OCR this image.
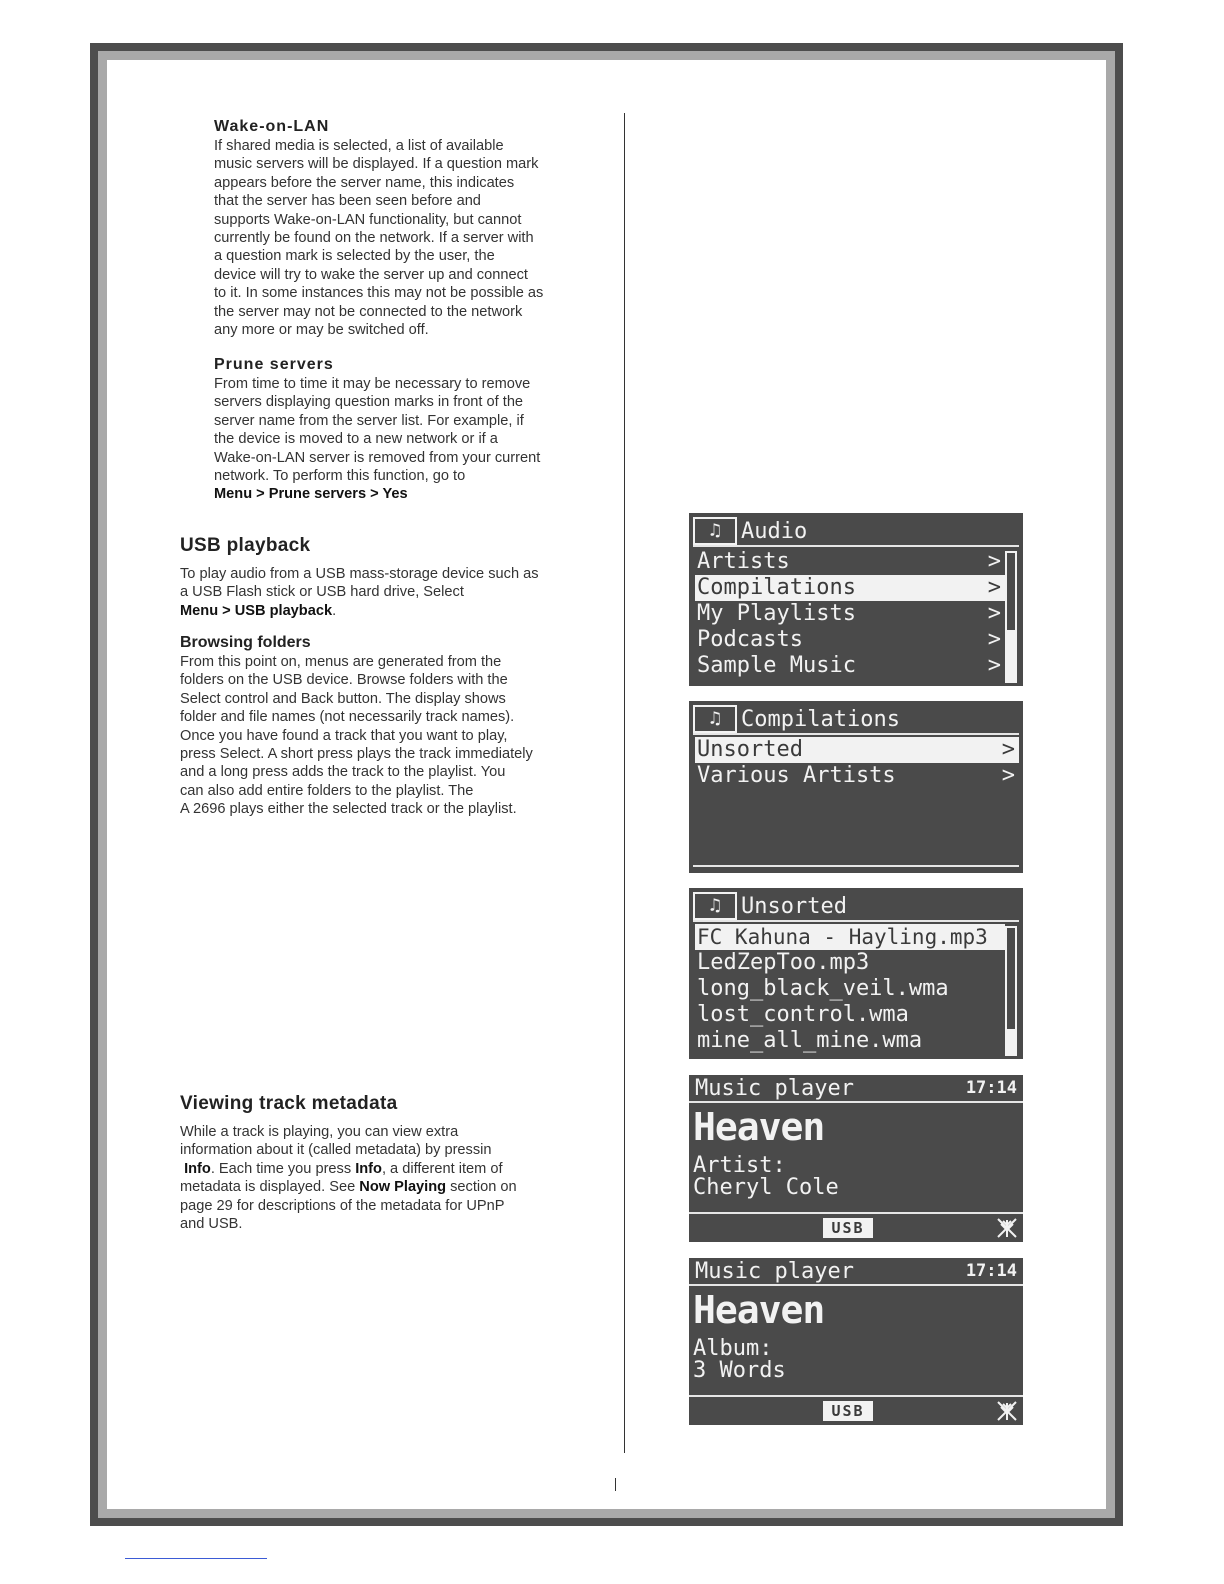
Wake-on-LAN

If shared media is selected, a list of available
music servers will be displayed. If a question mark
appears before the server name, this indicates
that the server has been seen before and
supports Wake-on-LAN functionality, but cannot
currently be found on the network. If a server with
a question mark is selected by the user, the
device will try to wake the server up and connect
to it. In some instances this may not be possible as
the server may not be connected to the network
any more or may be switched off.

Prune servers

From time to time it may be necessary to remove
servers displaying question marks in front of the
server name from the server list. For example, if
the device is moved to a new network or if a
Wake-on-LAN server is removed from your current
network. To perform this function, go to
Menu > Prune servers > Yes

USB playback

To play audio from a USB mass-storage device such as
a USB Flash stick or USB hard drive, Select
Menu > USB playback.

Browsing folders

From this point on, menus are generated from the
folders on the USB device. Browse folders with the
Select control and Back button. The display shows
folder and file names (not necessarily track names).
Once you have found a track that you want to play,
press Select. A short press plays the track immediately
and a long press adds the track to the playlist. You
can also add entire folders to the playlist. The
A 2696 plays either the selected track or the playlist.

Viewing track metadata

While a track is playing, you can view extra
information about it (called metadata) by pressin
Info. Each time you press Info, a different item of
metadata is displayed. See Now Playing section on
page 29 for descriptions of the metadata for UPnP
and USB.

♫ Audio
Artists	>
Compilations	>
My Playlists	>
Podcasts	>
Sample Music	>
♫ Compilations
Unsorted	>
Various Artists	>
♫ Unsorted
FC Kahuna - Hayling.mp3
LedZepToo.mp3
long_black_veil.wma
lost_control.wma
mine_all_mine.wma
Music player	17:14
Heaven
Artist:
Cheryl Cole
USB
Music player	17:14
Heaven
Album:
3 Words
USB
